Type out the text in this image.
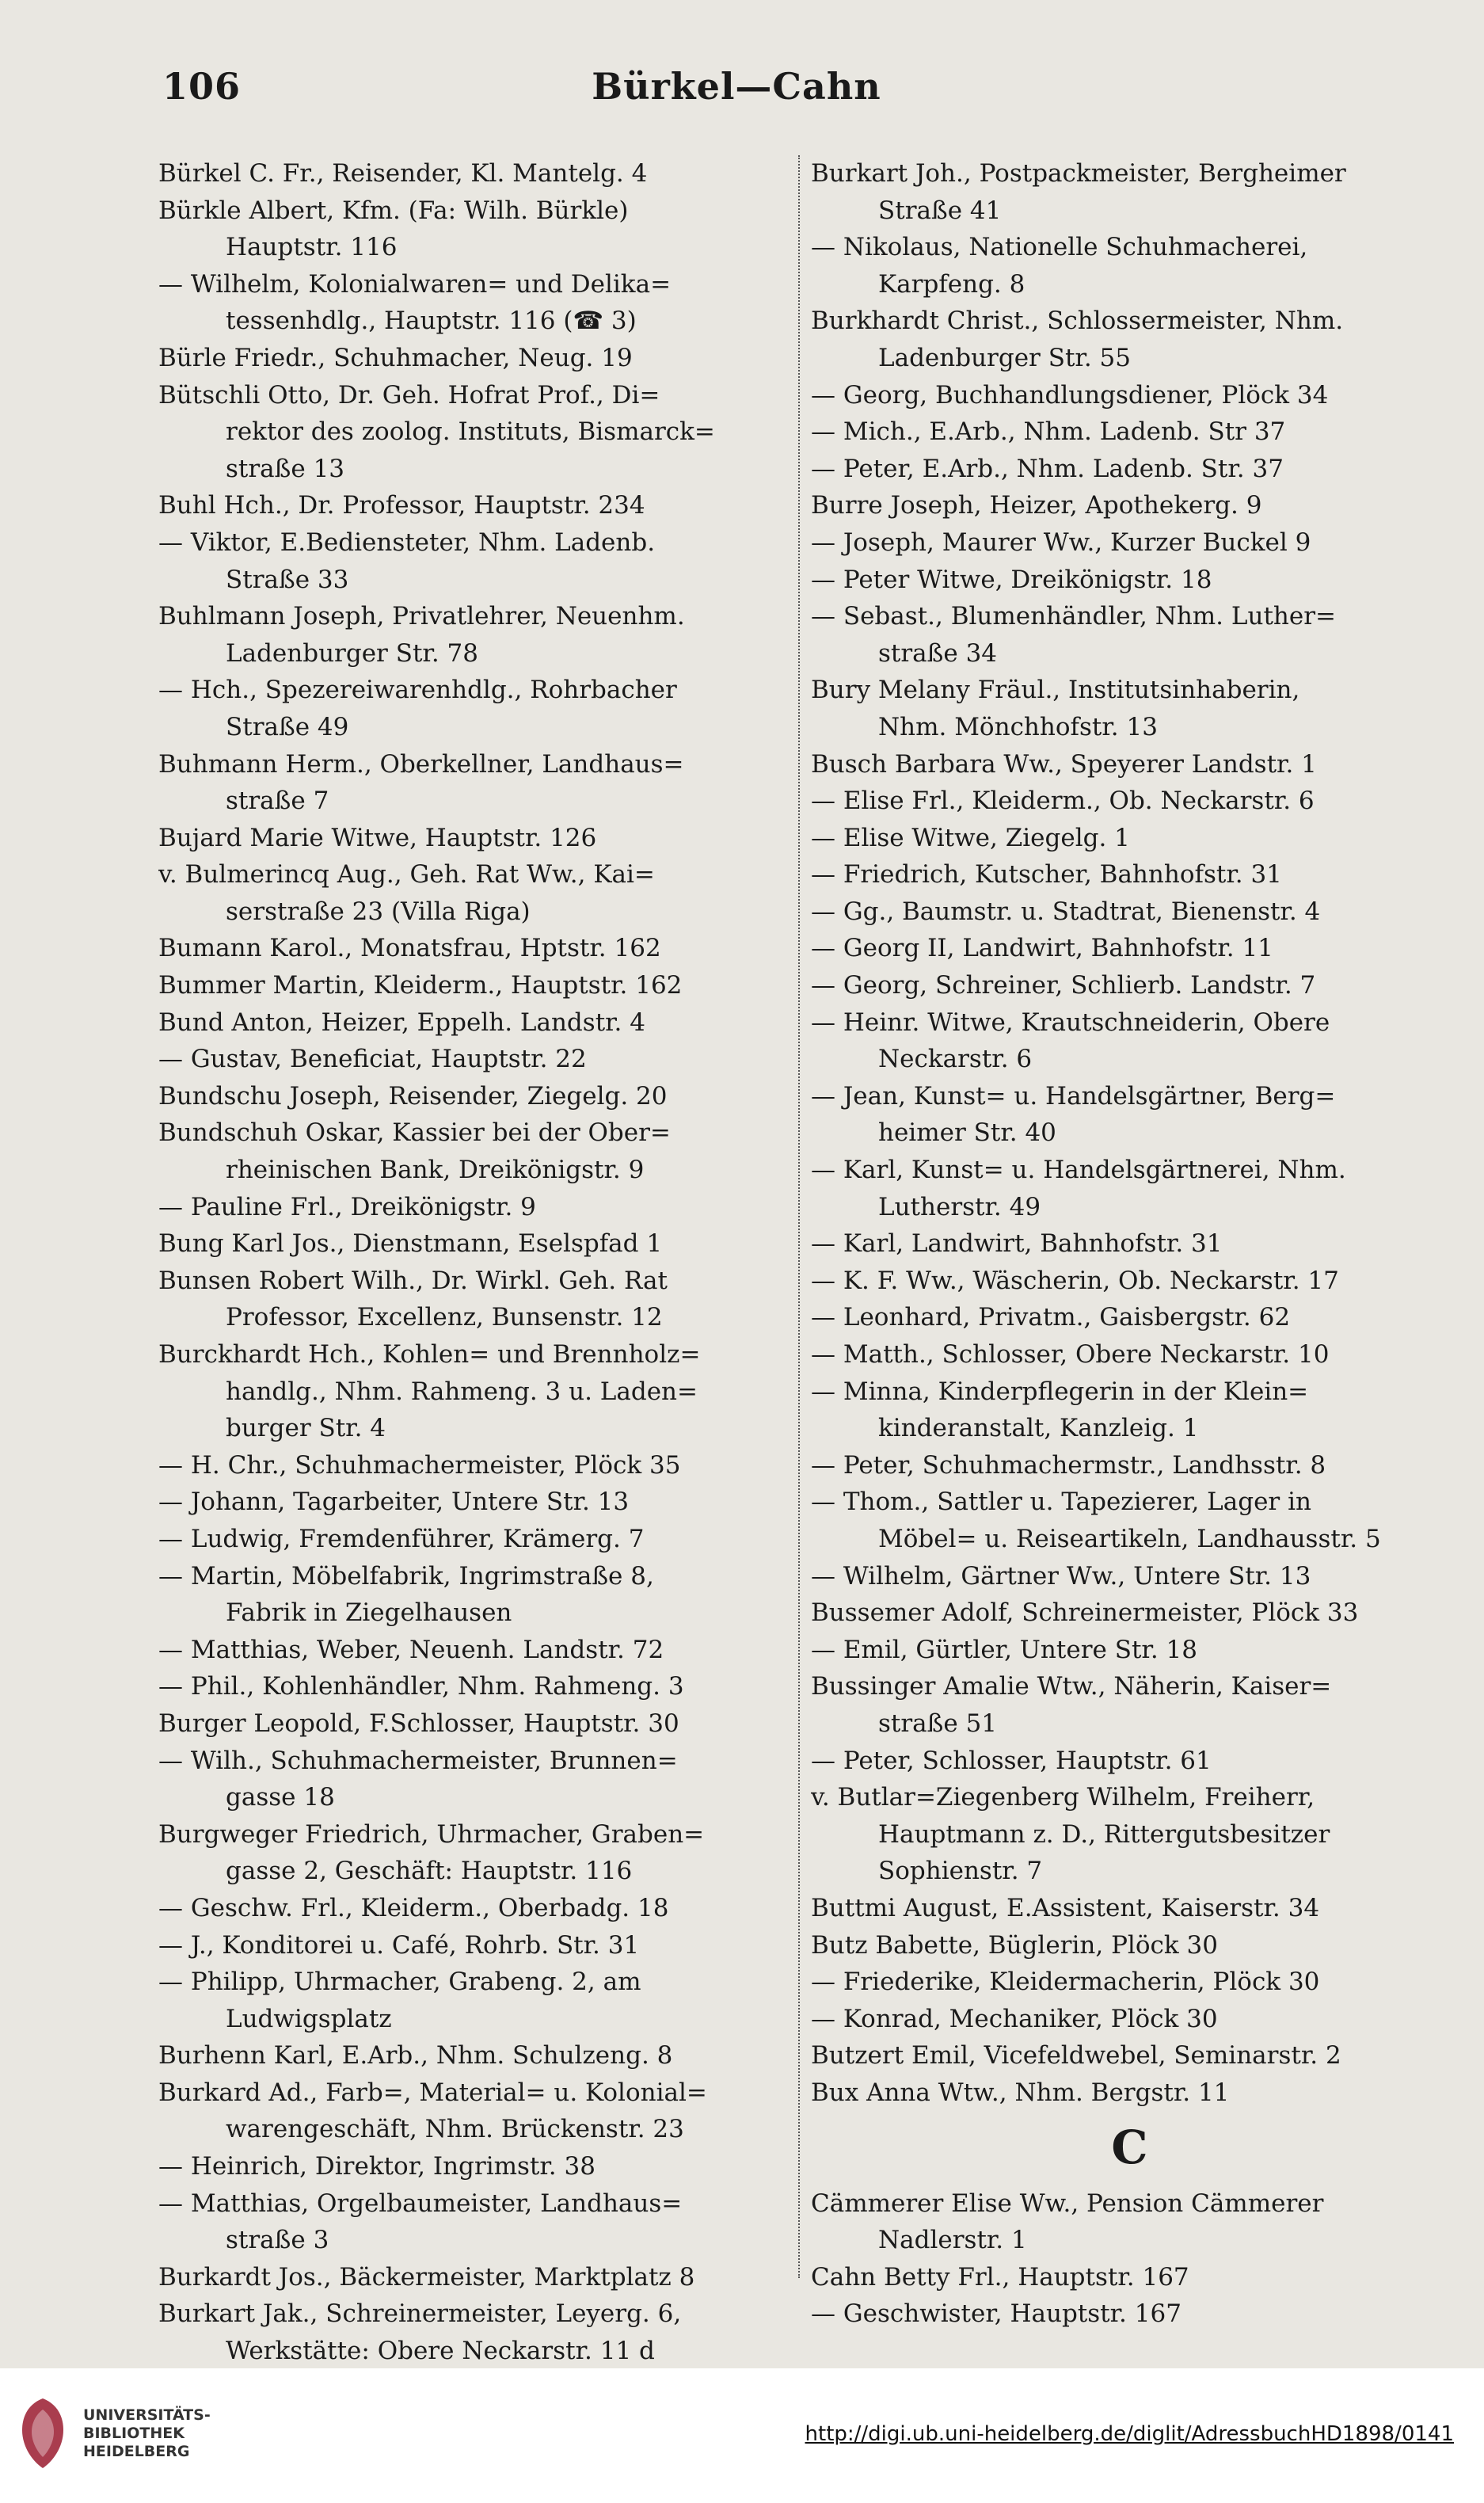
106	Bürkel—Cahn
Bürkel C. Fr., Reisender, Kl. Mantelg. 4
Bürkle Albert, Kfm. (Fa: Wilh. Bürkle)
Hauptstr. 116
— Wilhelm, Kolonialwaren= und Delika=
tessenhdlg., Hauptstr. 116 (☎ 3)
Bürle Friedr., Schuhmacher, Neug. 19
Bütschli Otto, Dr. Geh. Hofrat Prof., Di=
rektor des zoolog. Instituts, Bismarck=
straße 13
Buhl Hch., Dr. Professor, Hauptstr. 234
— Viktor, E.Bediensteter, Nhm. Ladenb.
Straße 33
Buhlmann Joseph, Privatlehrer, Neuenhm.
Ladenburger Str. 78
— Hch., Spezereiwarenhdlg., Rohrbacher
Straße 49
Buhmann Herm., Oberkellner, Landhaus=
straße 7
Bujard Marie Witwe, Hauptstr. 126
v. Bulmerincq Aug., Geh. Rat Ww., Kai=
serstraße 23 (Villa Riga)
Bumann Karol., Monatsfrau, Hptstr. 162
Bummer Martin, Kleiderm., Hauptstr. 162
Bund Anton, Heizer, Eppelh. Landstr. 4
— Gustav, Beneficiat, Hauptstr. 22
Bundschu Joseph, Reisender, Ziegelg. 20
Bundschuh Oskar, Kassier bei der Ober=
rheinischen Bank, Dreikönigstr. 9
— Pauline Frl., Dreikönigstr. 9
Bung Karl Jos., Dienstmann, Eselspfad 1
Bunsen Robert Wilh., Dr. Wirkl. Geh. Rat
Professor, Excellenz, Bunsenstr. 12
Burckhardt Hch., Kohlen= und Brennholz=
handlg., Nhm. Rahmeng. 3 u. Laden=
burger Str. 4
— H. Chr., Schuhmachermeister, Plöck 35
— Johann, Tagarbeiter, Untere Str. 13
— Ludwig, Fremdenführer, Krämerg. 7
— Martin, Möbelfabrik, Ingrimstraße 8,
Fabrik in Ziegelhausen
— Matthias, Weber, Neuenh. Landstr. 72
— Phil., Kohlenhändler, Nhm. Rahmeng. 3
Burger Leopold, F.Schlosser, Hauptstr. 30
— Wilh., Schuhmachermeister, Brunnen=
gasse 18
Burgweger Friedrich, Uhrmacher, Graben=
gasse 2, Geschäft: Hauptstr. 116
— Geschw. Frl., Kleiderm., Oberbadg. 18
— J., Konditorei u. Café, Rohrb. Str. 31
— Philipp, Uhrmacher, Grabeng. 2, am
Ludwigsplatz
Burhenn Karl, E.Arb., Nhm. Schulzeng. 8
Burkard Ad., Farb=, Material= u. Kolonial=
warengeschäft, Nhm. Brückenstr. 23
— Heinrich, Direktor, Ingrimstr. 38
— Matthias, Orgelbaumeister, Landhaus=
straße 3
Burkardt Jos., Bäckermeister, Marktplatz 8
Burkart Jak., Schreinermeister, Leyerg. 6,
Werkstätte: Obere Neckarstr. 11 d
Burkart Joh., Postpackmeister, Bergheimer
Straße 41
— Nikolaus, Nationelle Schuhmacherei,
Karpfeng. 8
Burkhardt Christ., Schlossermeister, Nhm.
Ladenburger Str. 55
— Georg, Buchhandlungsdiener, Plöck 34
— Mich., E.Arb., Nhm. Ladenb. Str 37
— Peter, E.Arb., Nhm. Ladenb. Str. 37
Burre Joseph, Heizer, Apothekerg. 9
— Joseph, Maurer Ww., Kurzer Buckel 9
— Peter Witwe, Dreikönigstr. 18
— Sebast., Blumenhändler, Nhm. Luther=
straße 34
Bury Melany Fräul., Institutsinhaberin,
Nhm. Mönchhofstr. 13
Busch Barbara Ww., Speyerer Landstr. 1
— Elise Frl., Kleiderm., Ob. Neckarstr. 6
— Elise Witwe, Ziegelg. 1
— Friedrich, Kutscher, Bahnhofstr. 31
— Gg., Baumstr. u. Stadtrat, Bienenstr. 4
— Georg II, Landwirt, Bahnhofstr. 11
— Georg, Schreiner, Schlierb. Landstr. 7
— Heinr. Witwe, Krautschneiderin, Obere
Neckarstr. 6
— Jean, Kunst= u. Handelsgärtner, Berg=
heimer Str. 40
— Karl, Kunst= u. Handelsgärtnerei, Nhm.
Lutherstr. 49
— Karl, Landwirt, Bahnhofstr. 31
— K. F. Ww., Wäscherin, Ob. Neckarstr. 17
— Leonhard, Privatm., Gaisbergstr. 62
— Matth., Schlosser, Obere Neckarstr. 10
— Minna, Kinderpflegerin in der Klein=
kinderanstalt, Kanzleig. 1
— Peter, Schuhmachermstr., Landhsstr. 8
— Thom., Sattler u. Tapezierer, Lager in
Möbel= u. Reiseartikeln, Landhausstr. 5
— Wilhelm, Gärtner Ww., Untere Str. 13
Bussemer Adolf, Schreinermeister, Plöck 33
— Emil, Gürtler, Untere Str. 18
Bussinger Amalie Wtw., Näherin, Kaiser=
straße 51
— Peter, Schlosser, Hauptstr. 61
v. Butlar=Ziegenberg Wilhelm, Freiherr,
Hauptmann z. D., Rittergutsbesitzer
Sophienstr. 7
Buttmi August, E.Assistent, Kaiserstr. 34
Butz Babette, Büglerin, Plöck 30
— Friederike, Kleidermacherin, Plöck 30
— Konrad, Mechaniker, Plöck 30
Butzert Emil, Vicefeldwebel, Seminarstr. 2
Bux Anna Wtw., Nhm. Bergstr. 11
C
Cämmerer Elise Ww., Pension Cämmerer
Nadlerstr. 1
Cahn Betty Frl., Hauptstr. 167
— Geschwister, Hauptstr. 167
UNIVERSITÄTS-
BIBLIOTHEK
HEIDELBERG
http://digi.ub.uni-heidelberg.de/diglit/AdressbuchHD1898/0141
